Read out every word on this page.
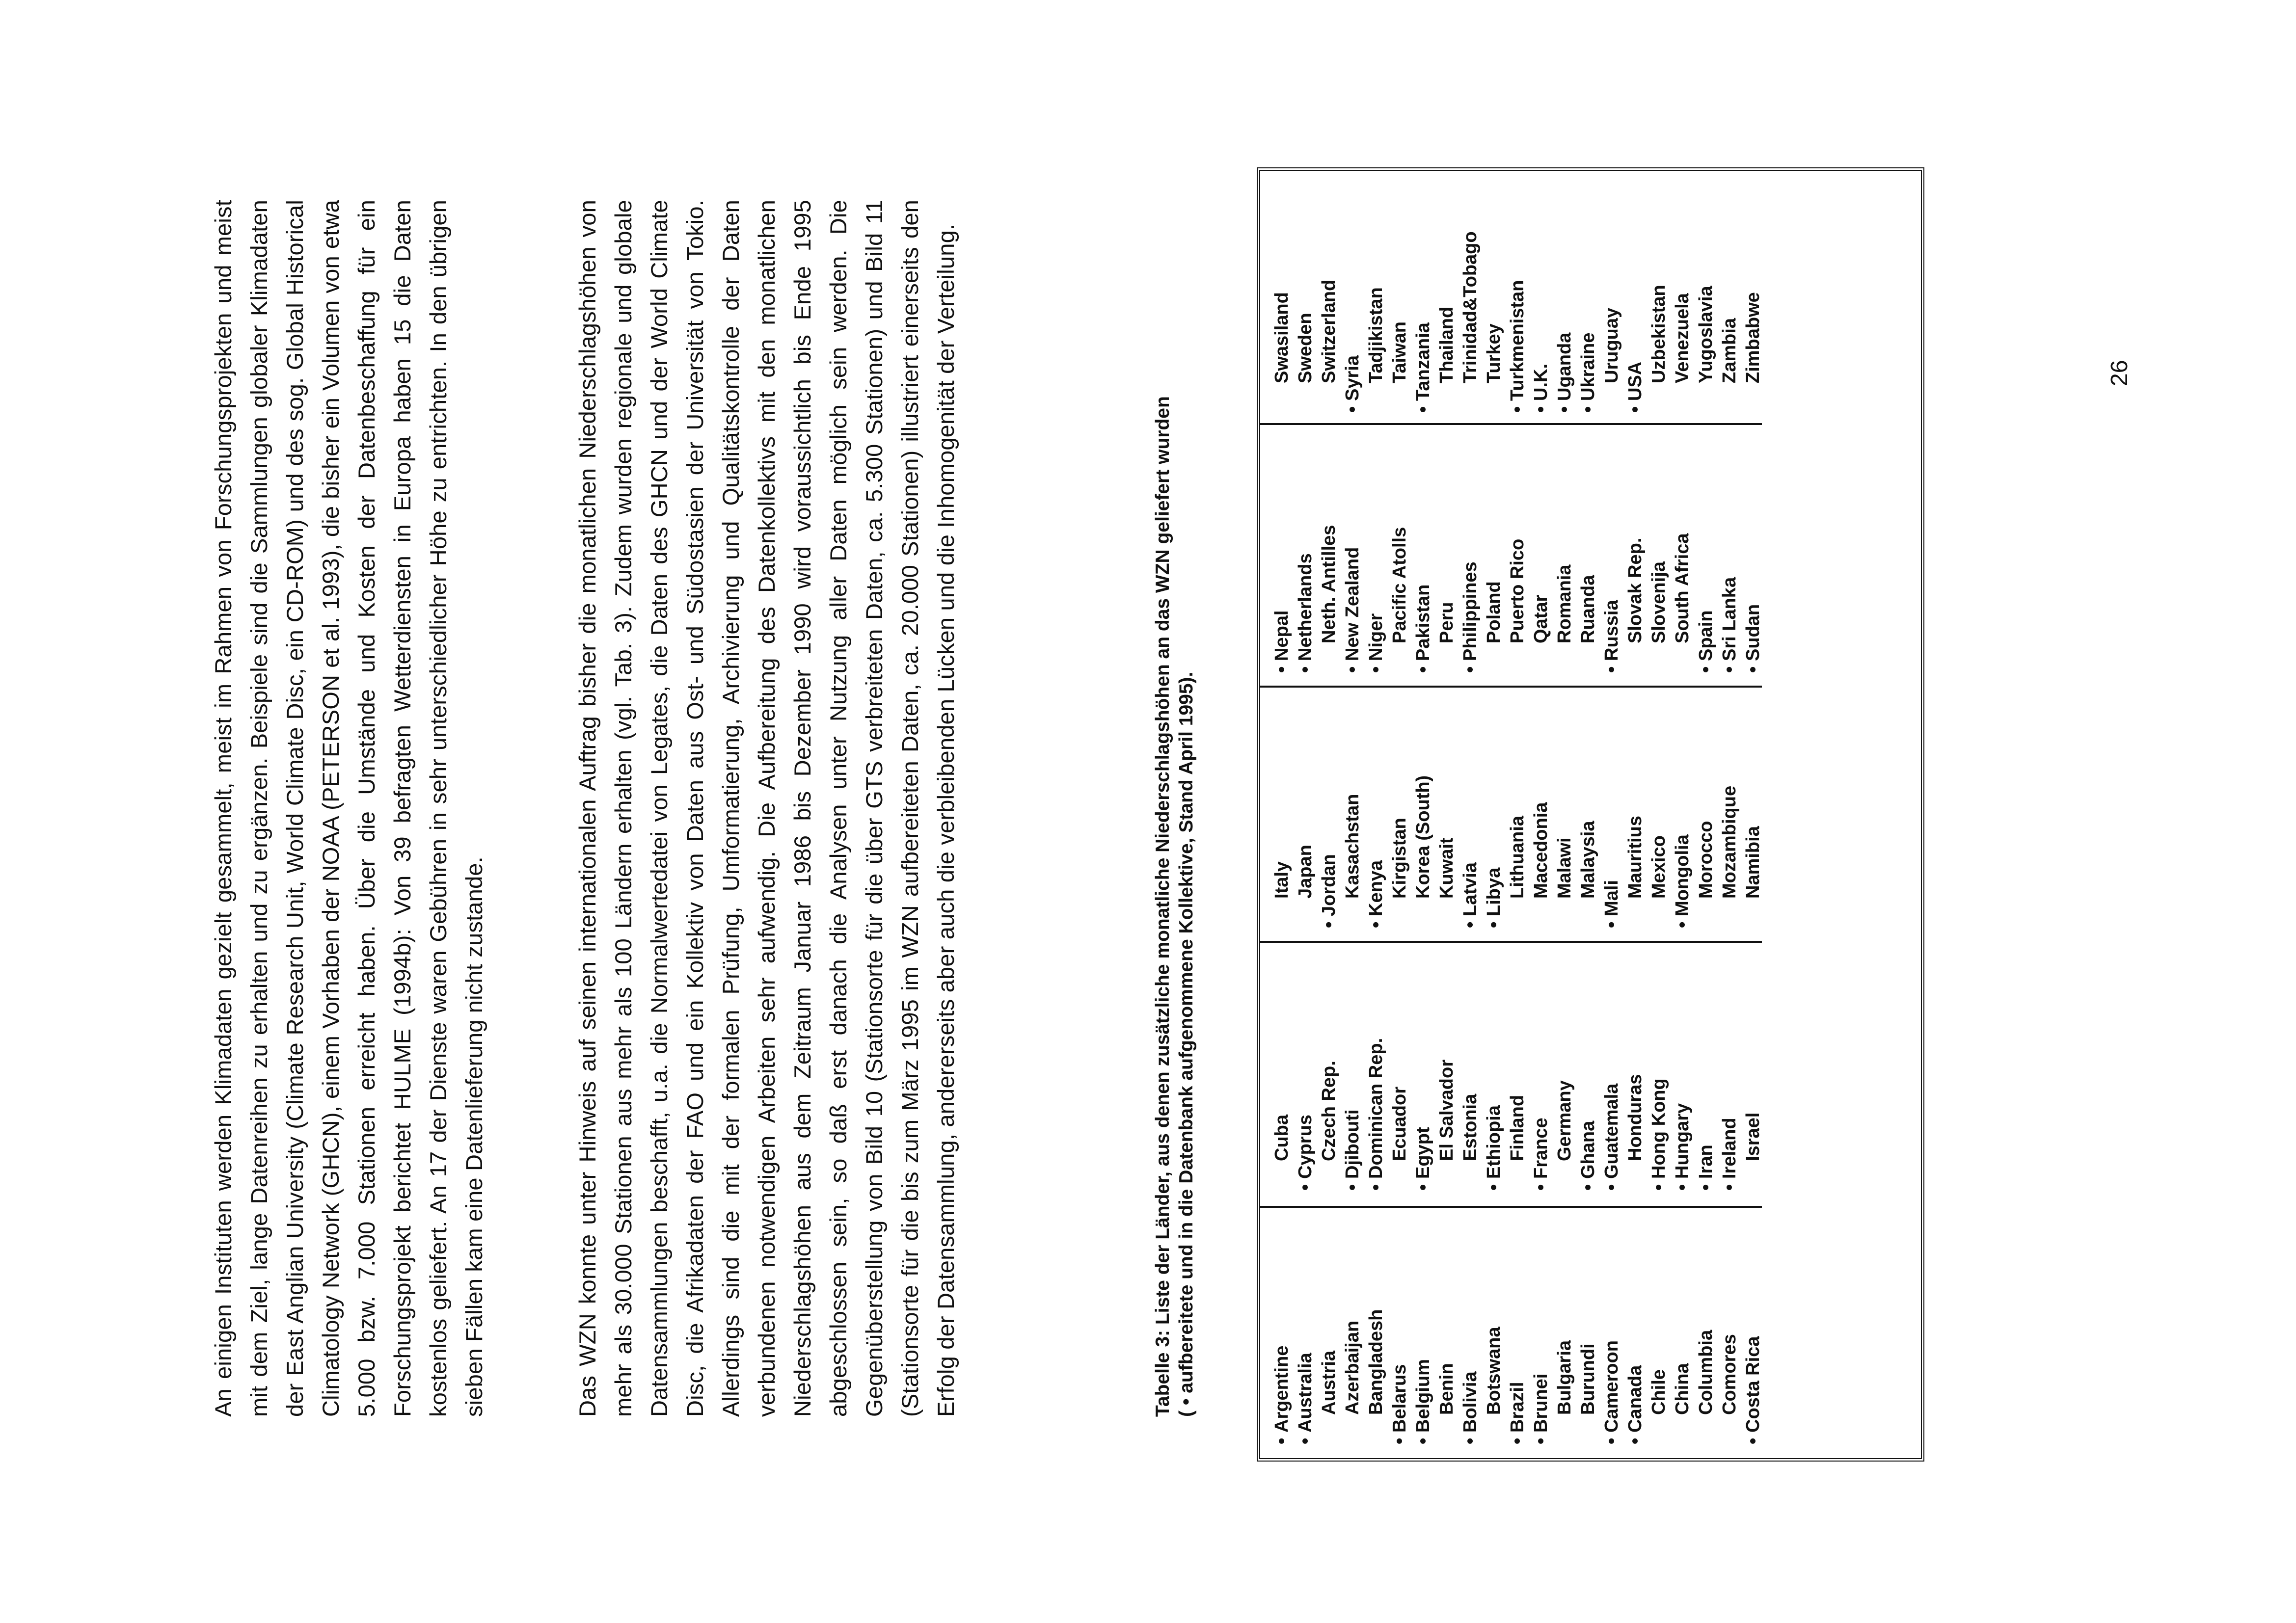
An einigen Instituten werden Klimadaten gezielt gesammelt, meist im Rahmen von Forschungsprojekten und meist mit dem Ziel, lange Datenreihen zu erhalten und zu ergänzen. Beispiele sind die Sammlungen globaler Klimadaten der East Anglian University (Climate Research Unit, World Climate Disc, ein CD-ROM) und des sog. Global Historical Climatology Network (GHCN), einem Vorhaben der NOAA (PETERSON et al. 1993), die bisher ein Volumen von etwa 5.000 bzw. 7.000 Stationen erreicht haben. Über die Umstände und Kosten der Datenbeschaffung für ein Forschungsprojekt berichtet HULME (1994b): Von 39 befragten Wetterdiensten in Europa haben 15 die Daten kostenlos geliefert. An 17 der Dienste waren Gebühren in sehr unterschiedlicher Höhe zu entrichten. In den übrigen sieben Fällen kam eine Datenlieferung nicht zustande.	Das WZN konnte unter Hinweis auf seinen internationalen Auftrag bisher die monatlichen Niederschlagshöhen von mehr als 30.000 Stationen aus mehr als 100 Ländern erhalten (vgl. Tab. 3). Zudem wurden regionale und globale Datensammlungen beschafft, u.a. die Normalwertedatei von Legates, die Daten des GHCN und der World Climate Disc, die Afrikadaten der FAO und ein Kollektiv von Daten aus Ost- und Südostasien der Universität von Tokio. Allerdings sind die mit der formalen Prüfung, Umformatierung, Archivierung und Qualitätskontrolle der Daten verbundenen notwendigen Arbeiten sehr aufwendig. Die Aufbereitung des Datenkollektivs mit den monatlichen Niederschlagshöhen aus dem Zeitraum Januar 1986 bis Dezember 1990 wird voraussichtlich bis Ende 1995 abgeschlossen sein, so daß erst danach die Analysen unter Nutzung aller Daten möglich sein werden. Die Gegenüberstellung von Bild 10 (Stationsorte für die über GTS verbreiteten Daten, ca. 5.300 Stationen) und Bild 11 (Stationsorte für die bis zum März 1995 im WZN aufbereiteten Daten, ca. 20.000 Stationen) illustriert einerseits den Erfolg der Datensammlung, andererseits aber auch die verbleibenden Lücken und die Inhomogenität der Verteilung.	Tabelle 3: Liste der Länder, aus denen zusätzliche monatliche Niederschlagshöhen an das WZN geliefert wurden ( • aufbereitete und in die Datenbank aufgenommene Kollektive, Stand April 1995).
•Argentine
•Australia Austria Azerbaijan Bangladesh
•Belarus
•Belgium Benin
•Bolivia Botswana
•Brazil
•Brunei Bulgaria Burundi
•Cameroon
•Canada Chile China Columbia Comores
•Costa Rica
Cuba
•Cyprus Czech Rep.
•Djibouti
•Dominican Rep. Ecuador
•Egypt El Salvador Estonia
•Ethiopia Finland
•France Germany
•Ghana
•Guatemala Honduras
•Hong Kong
•Hungary
•Iran
•Ireland Israel
Italy Japan
•Jordan Kasachstan
•Kenya Kirgistan Korea (South) Kuwait
•Latvia
•Libya Lithuania Macedonia Malawi Malaysia
•Mali Mauritius Mexico
•Mongolia Morocco Mozambique Namibia
•Nepal
•Netherlands Neth. Antilles
•New Zealand
•Niger Pacific Atolls
•Pakistan Peru
•Philippines Poland Puerto Rico Qatar Romania Ruanda
•Russia Slovak Rep. Slovenija South Africa
•Spain
•Sri Lanka
•Sudan
Swasiland Sweden Switzerland
•Syria Tadjikistan Taiwan
•Tanzania Thailand Trinidad&Tobago Turkey
•Turkmenistan
•U.K.
•Uganda
•Ukraine Uruguay
•USA Uzbekistan Venezuela Yugoslavia Zambia Zimbabwe	26
